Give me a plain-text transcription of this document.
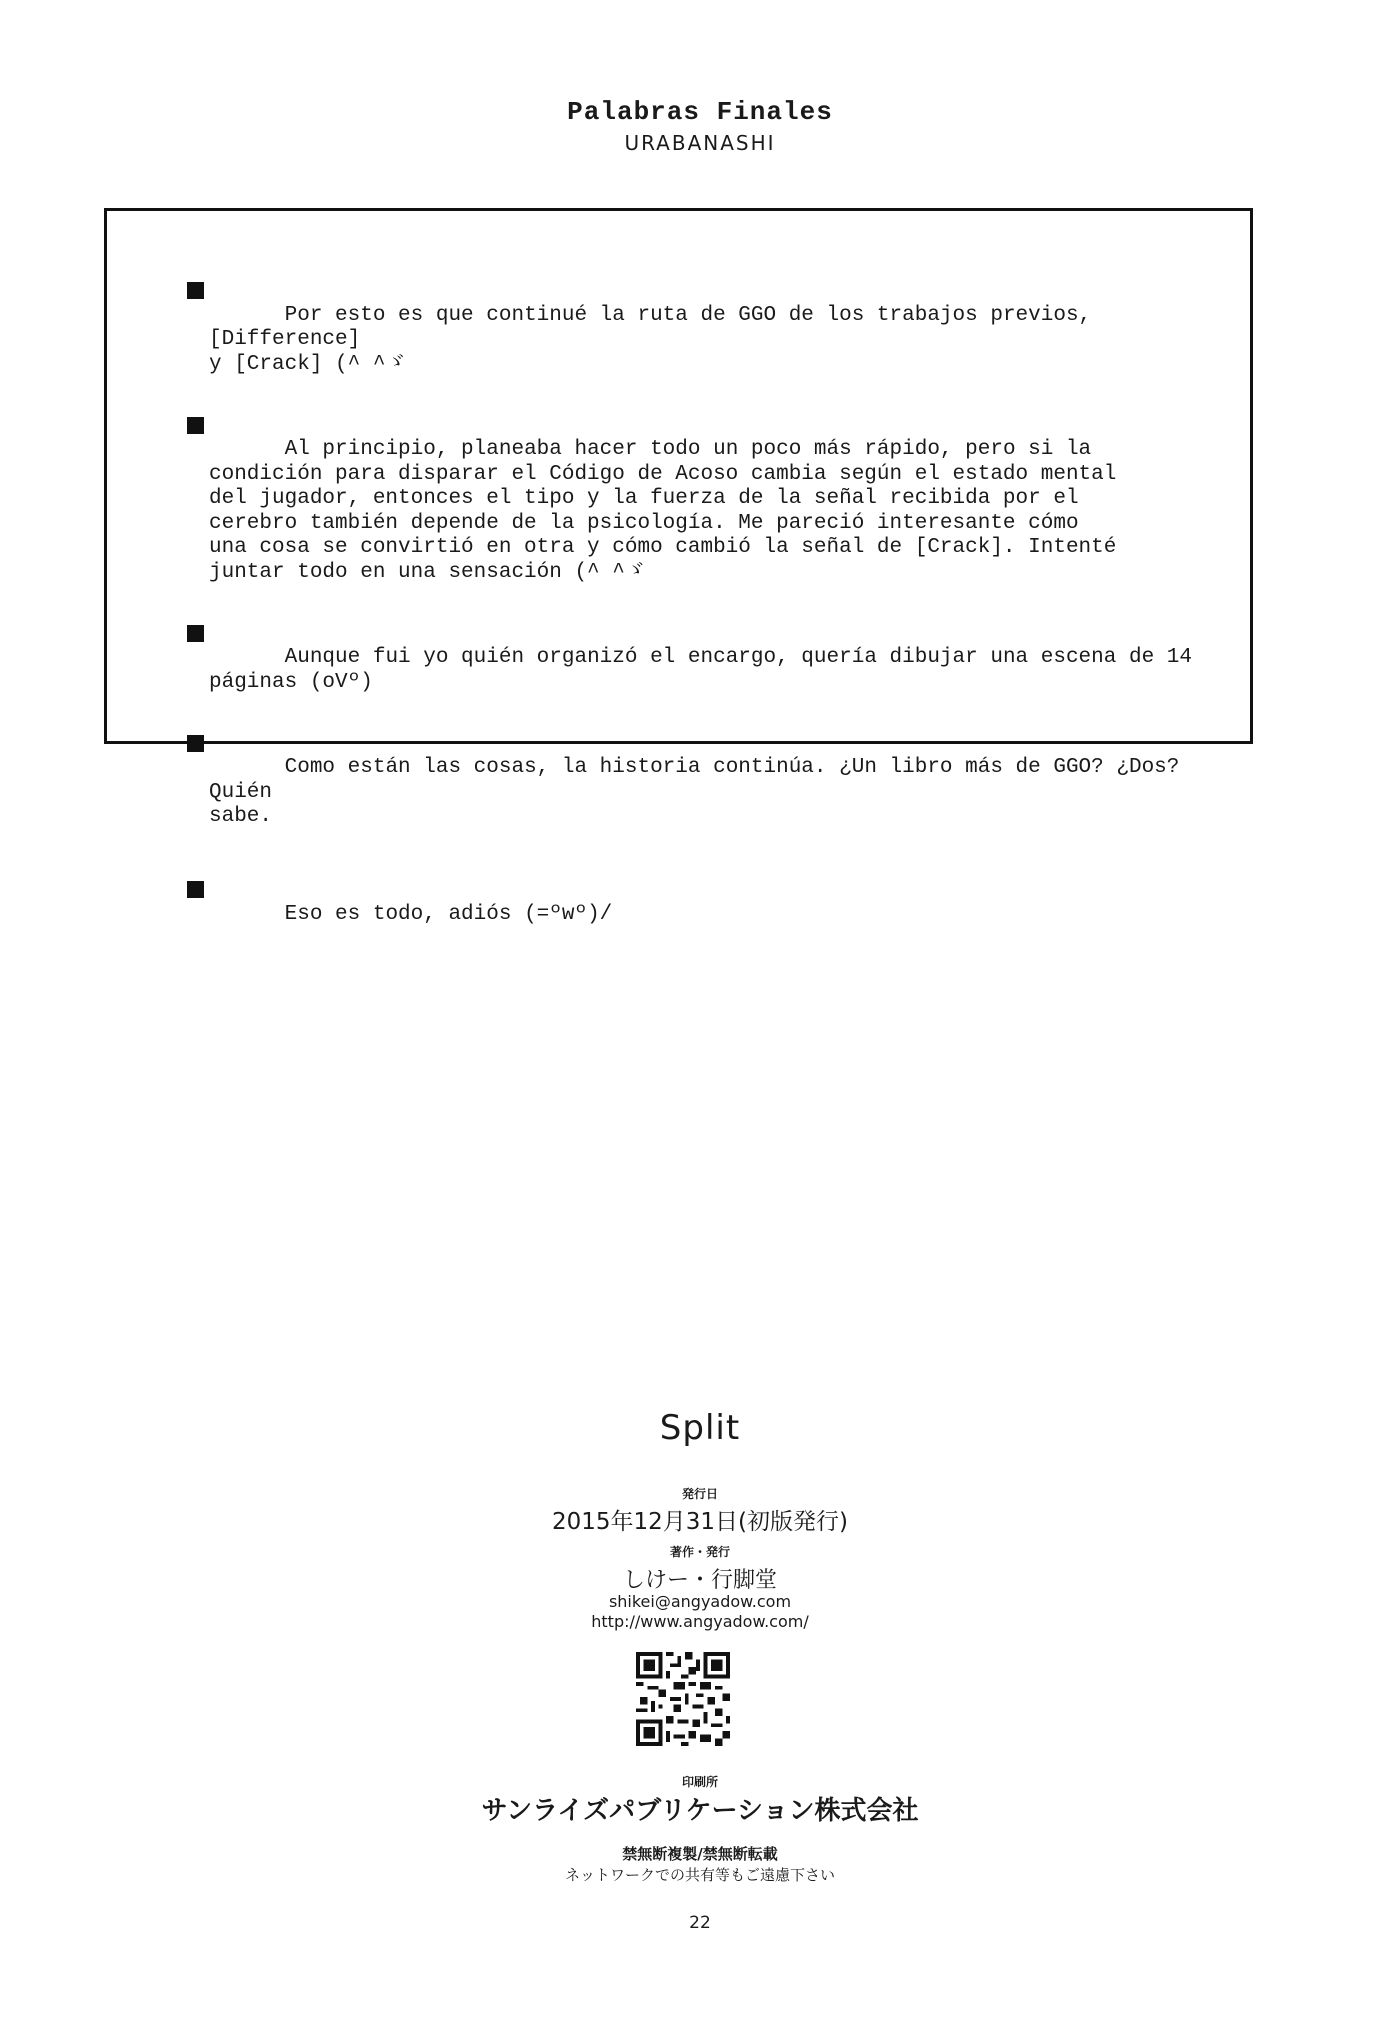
Palabras Finales
URABANASHI

Por esto es que continué la ruta de GGO de los trabajos previos, [Difference]
y [Crack] (^ ^ゞ

Al principio, planeaba hacer todo un poco más rápido, pero si la
condición para disparar el Código de Acoso cambia según el estado mental
del jugador, entonces el tipo y la fuerza de la señal recibida por el
cerebro también depende de la psicología. Me pareció interesante cómo
una cosa se convirtió en otra y cómo cambió la señal de [Crack]. Intenté
juntar todo en una sensación (^ ^ゞ

Aunque fui yo quién organizó el encargo, quería dibujar una escena de 14
páginas (oVº)

Como están las cosas, la historia continúa. ¿Un libro más de GGO? ¿Dos? Quién
sabe.

Eso es todo, adiós (=ºwº)/

Split
発行日
2015年12月31日(初版発行)
著作・発行
しけー・行脚堂
shikei@angyadow.com
http://www.angyadow.com/
印刷所
サンライズパブリケーション株式会社
禁無断複製/禁無断転載
ネットワークでの共有等もご遠慮下さい
22
